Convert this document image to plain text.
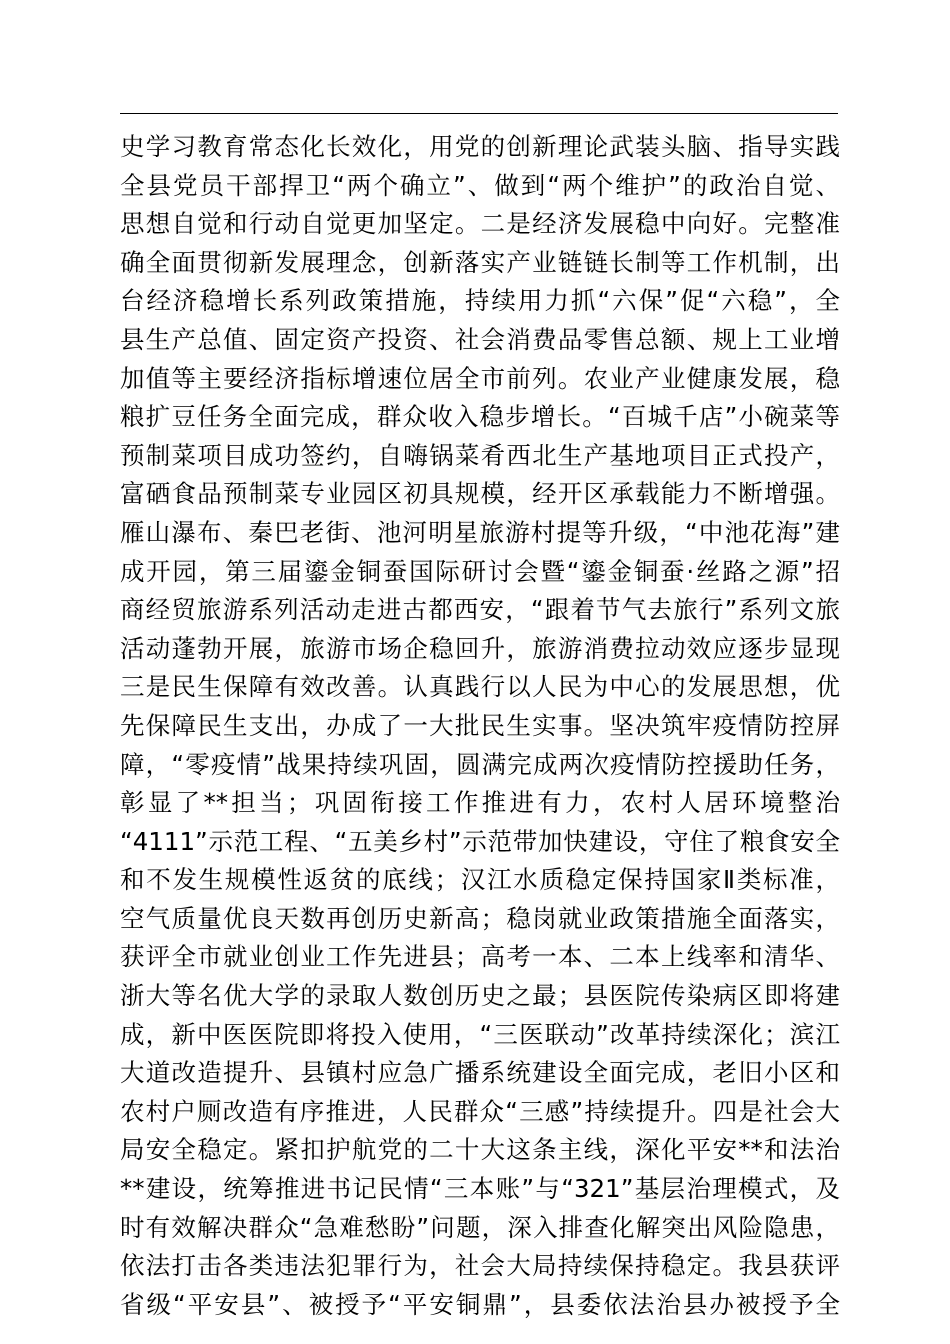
史学习教育常态化长效化，用党的创新理论武装头脑、指导实践
全县党员干部捍卫“两个确立”、做到“两个维护”的政治自觉、
思想自觉和行动自觉更加坚定。二是经济发展稳中向好。完整准
确全面贯彻新发展理念，创新落实产业链链长制等工作机制，出
台经济稳增长系列政策措施，持续用力抓“六保”促“六稳”，全
县生产总值、固定资产投资、社会消费品零售总额、规上工业增
加值等主要经济指标增速位居全市前列。农业产业健康发展，稳
粮扩豆任务全面完成，群众收入稳步增长。“百城千店”小碗菜等
预制菜项目成功签约，自嗨锅菜肴西北生产基地项目正式投产，
富硒食品预制菜专业园区初具规模，经开区承载能力不断增强。
雁山瀑布、秦巴老街、池河明星旅游村提等升级，“中池花海”建
成开园，第三届鎏金铜蚕国际研讨会暨“鎏金铜蚕·丝路之源”招
商经贸旅游系列活动走进古都西安，“跟着节气去旅行”系列文旅
活动蓬勃开展，旅游市场企稳回升，旅游消费拉动效应逐步显现
三是民生保障有效改善。认真践行以人民为中心的发展思想，优
先保障民生支出，办成了一大批民生实事。坚决筑牢疫情防控屏
障，“零疫情”战果持续巩固，圆满完成两次疫情防控援助任务，
彰显了**担当；巩固衔接工作推进有力，农村人居环境整治
“4111”示范工程、“五美乡村”示范带加快建设，守住了粮食安全
和不发生规模性返贫的底线；汉江水质稳定保持国家Ⅱ类标准，
空气质量优良天数再创历史新高；稳岗就业政策措施全面落实，
获评全市就业创业工作先进县；高考一本、二本上线率和清华、
浙大等名优大学的录取人数创历史之最；县医院传染病区即将建
成，新中医医院即将投入使用，“三医联动”改革持续深化；滨江
大道改造提升、县镇村应急广播系统建设全面完成，老旧小区和
农村户厕改造有序推进，人民群众“三感”持续提升。四是社会大
局安全稳定。紧扣护航党的二十大这条主线，深化平安**和法治
**建设，统筹推进书记民情“三本账”与“321”基层治理模式，及
时有效解决群众“急难愁盼”问题，深入排查化解突出风险隐患，
依法打击各类违法犯罪行为，社会大局持续保持稳定。我县获评
省级“平安县”、被授予“平安铜鼎”，县委依法治县办被授予全
